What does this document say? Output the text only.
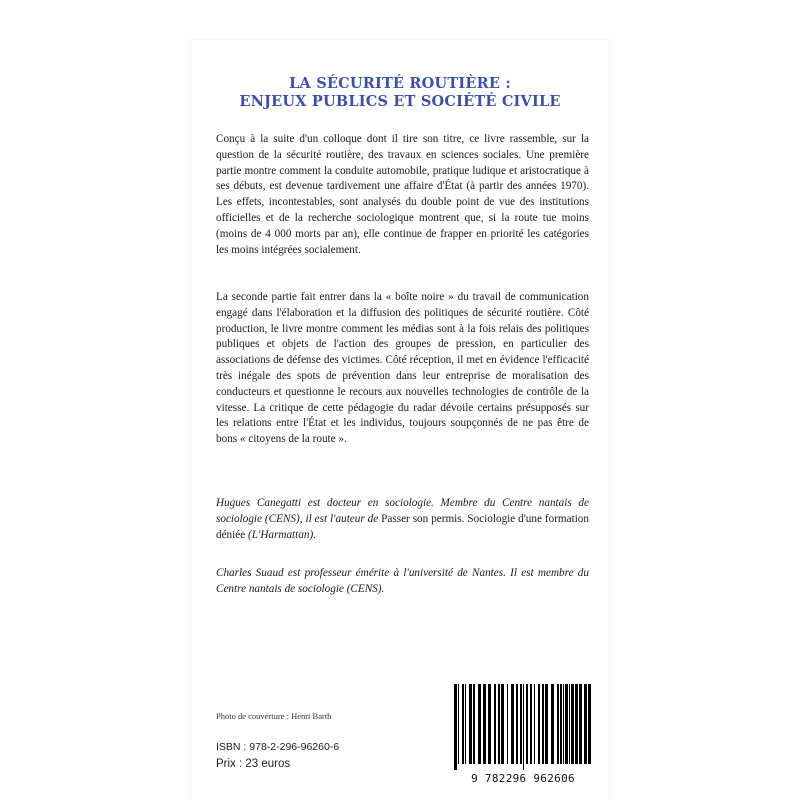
LA SÉCURITÉ ROUTIÈRE :
ENJEUX PUBLICS ET SOCIÉTÉ CIVILE

Conçu à la suite d'un colloque dont il tire son titre, ce livre rassemble, sur la question de la sécurité routière, des travaux en sciences sociales. Une première partie montre comment la conduite automobile, pratique ludique et aristocratique à ses débuts, est devenue tardivement une affaire d'État (à partir des années 1970). Les effets, incontestables, sont analysés du double point de vue des institutions officielles et de la recherche sociologique montrent que, si la route tue moins (moins de 4 000 morts par an), elle continue de frapper en priorité les catégories les moins intégrées socialement.

La seconde partie fait entrer dans la « boîte noire » du travail de communication engagé dans l'élaboration et la diffusion des politiques de sécurité routière. Côté production, le livre montre comment les médias sont à la fois relais des politiques publiques et objets de l'action des groupes de pression, en particulier des associations de défense des victimes. Côté réception, il met en évidence l'efficacité très inégale des spots de prévention dans leur entreprise de moralisation des conducteurs et questionne le recours aux nouvelles technologies de contrôle de la vitesse. La critique de cette pédagogie du radar dévoile certains présupposés sur les relations entre l'État et les individus, toujours soupçonnés de ne pas être de bons « citoyens de la route ».

Hugues Canegatti est docteur en sociologie. Membre du Centre nantais de sociologie (CENS), il est l'auteur de Passer son permis. Sociologie d'une formation déniée (L'Harmattan).

Charles Suaud est professeur émérite à l'université de Nantes. Il est membre du Centre nantais de sociologie (CENS).

Photo de couverture : Henri Barth
ISBN : 978-2-296-96260-6
Prix : 23 euros
9 782296 962606
